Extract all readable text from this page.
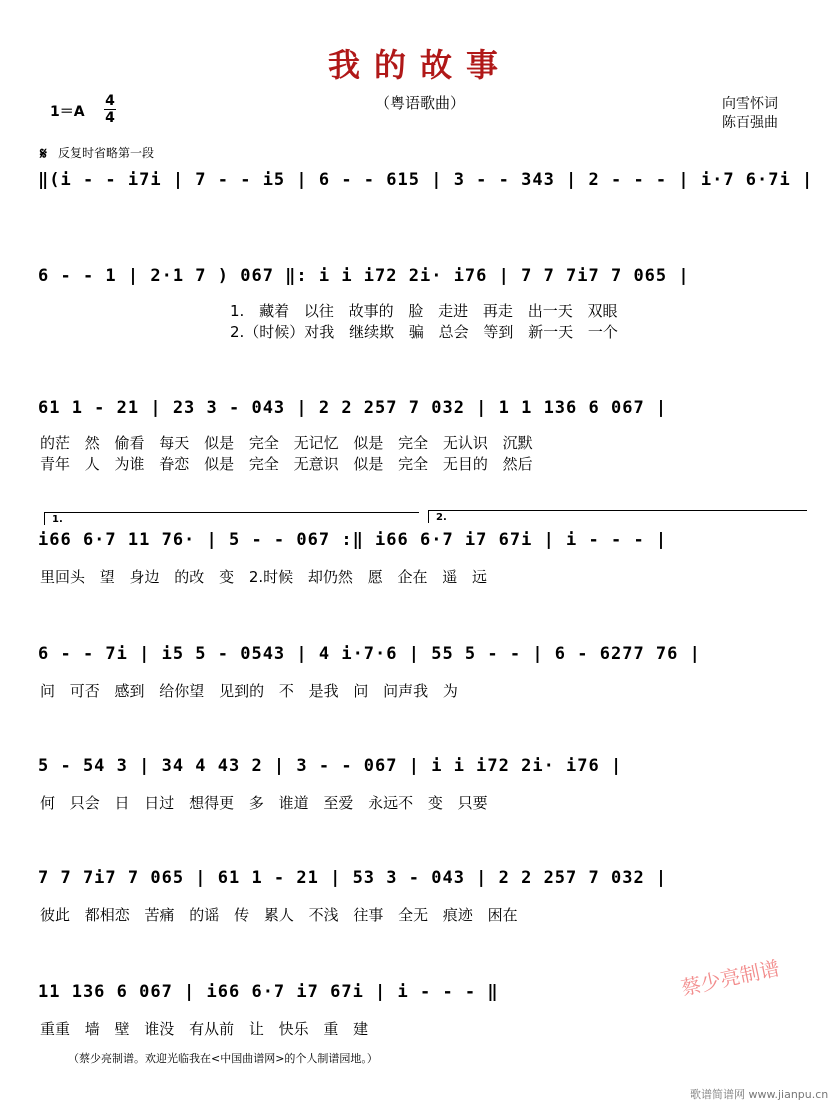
我的故事
（粤语歌曲）
1＝A
4
4
向雪怀词
陈百强曲
𝄋 反复时省略第一段
‖(i - - i7i | 7 - - i5 | 6 - - 615 | 3 - - 343 | 2 - - - | i·7 6·7i |
6 - - 1 | 2·1 7 ) 067 ‖: i i i72 2i· i76 | 7 7 7i7 7 065 |
1. 藏着 以往 故事的 脸 走进 再走 出一天 双眼
2.（时候）对我 继续欺 骗 总会 等到 新一天 一个
61 1 - 21 | 23 3 - 043 | 2 2 257 7 032 | 1 1 136 6 067 |
的茫 然 偷看 每天 似是 完全 无记忆 似是 完全 无认识 沉默
青年 人 为谁 眷恋 似是 完全 无意识 似是 完全 无目的 然后
1.	2.
i66 6·7 11 76· | 5 - - 067 :‖ i66 6·7 i7 67i | i - - - |
里回头 望 身边 的改 变 2.时候 却仍然 愿 企在 遥 远
6 - - 7i | i5 5 - 0543 | 4 i·7·6 | 55 5 - - | 6 - 6277 76 |
问 可否 感到 给你望 见到的 不 是我 问 问声我 为
5 - 54 3 | 34 4 43 2 | 3 - - 067 | i i i72 2i· i76 |
何 只会 日 日过 想得更 多 谁道 至爱 永远不 变 只要
7 7 7i7 7 065 | 61 1 - 21 | 53 3 - 043 | 2 2 257 7 032 |
彼此 都相恋 苦痛 的谣 传 累人 不浅 往事 全无 痕迹 困在
11 136 6 067 | i66 6·7 i7 67i | i - - - ‖
重重 墙 壁 谁没 有从前 让 快乐 重 建
蔡少亮制谱
（蔡少亮制谱。欢迎光临我在<中国曲谱网>的个人制谱园地。）
歌谱简谱网 www.jianpu.cn
